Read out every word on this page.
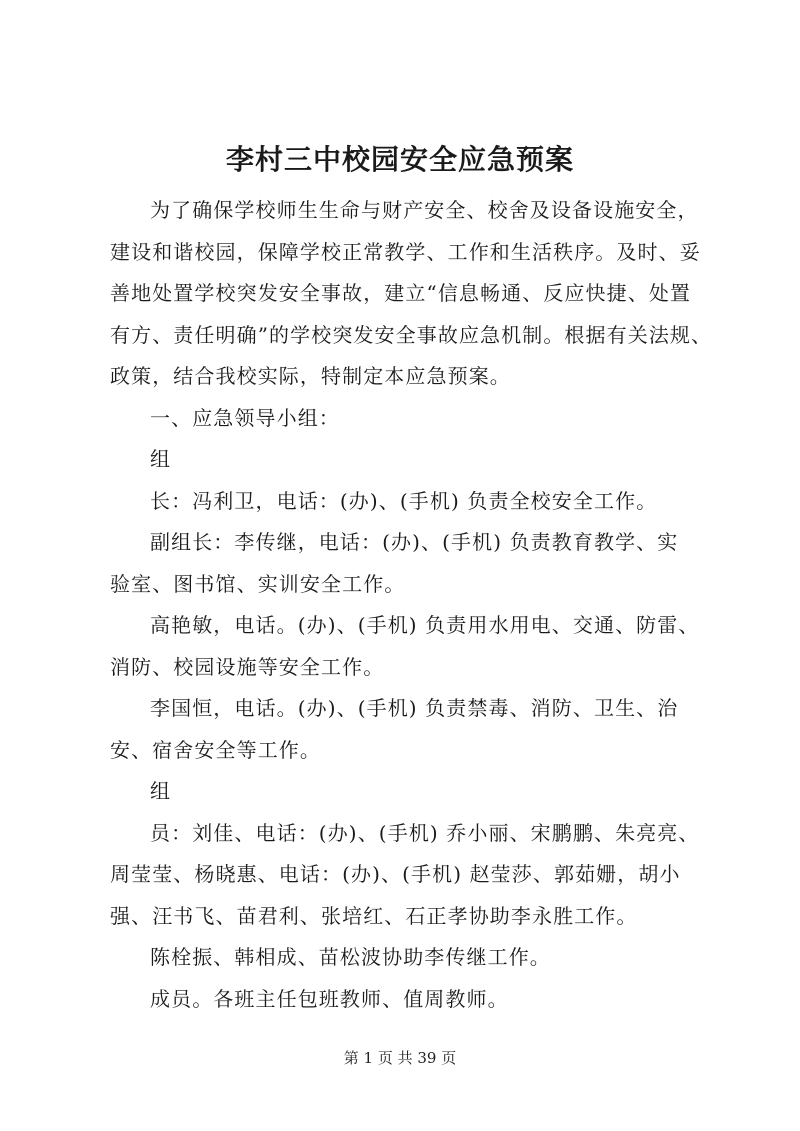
李村三中校园安全应急预案

为了确保学校师生生命与财产安全、校舍及设备设施安全，

建设和谐校园，保障学校正常教学、工作和生活秩序。及时、妥

善地处置学校突发安全事故，建立“信息畅通、反应快捷、处置

有方、责任明确”的学校突发安全事故应急机制。根据有关法规、

政策，结合我校实际，特制定本应急预案。

一、应急领导小组：

组

长：冯利卫，电话：(办)、(手机) 负责全校安全工作。

副组长：李传继，电话：(办)、(手机) 负责教育教学、实

验室、图书馆、实训安全工作。

高艳敏，电话。(办)、(手机) 负责用水用电、交通、防雷、

消防、校园设施等安全工作。

李国恒，电话。(办)、(手机) 负责禁毒、消防、卫生、治

安、宿舍安全等工作。

组

员：刘佳、电话：(办)、(手机) 乔小丽、宋鹏鹏、朱亮亮、

周莹莹、杨晓惠、电话：(办)、(手机) 赵莹莎、郭茹姗，胡小

强、汪书飞、苗君利、张培红、石正孝协助李永胜工作。

陈栓振、韩相成、苗松波协助李传继工作。

成员。各班主任包班教师、值周教师。

第 1 页 共 39 页
